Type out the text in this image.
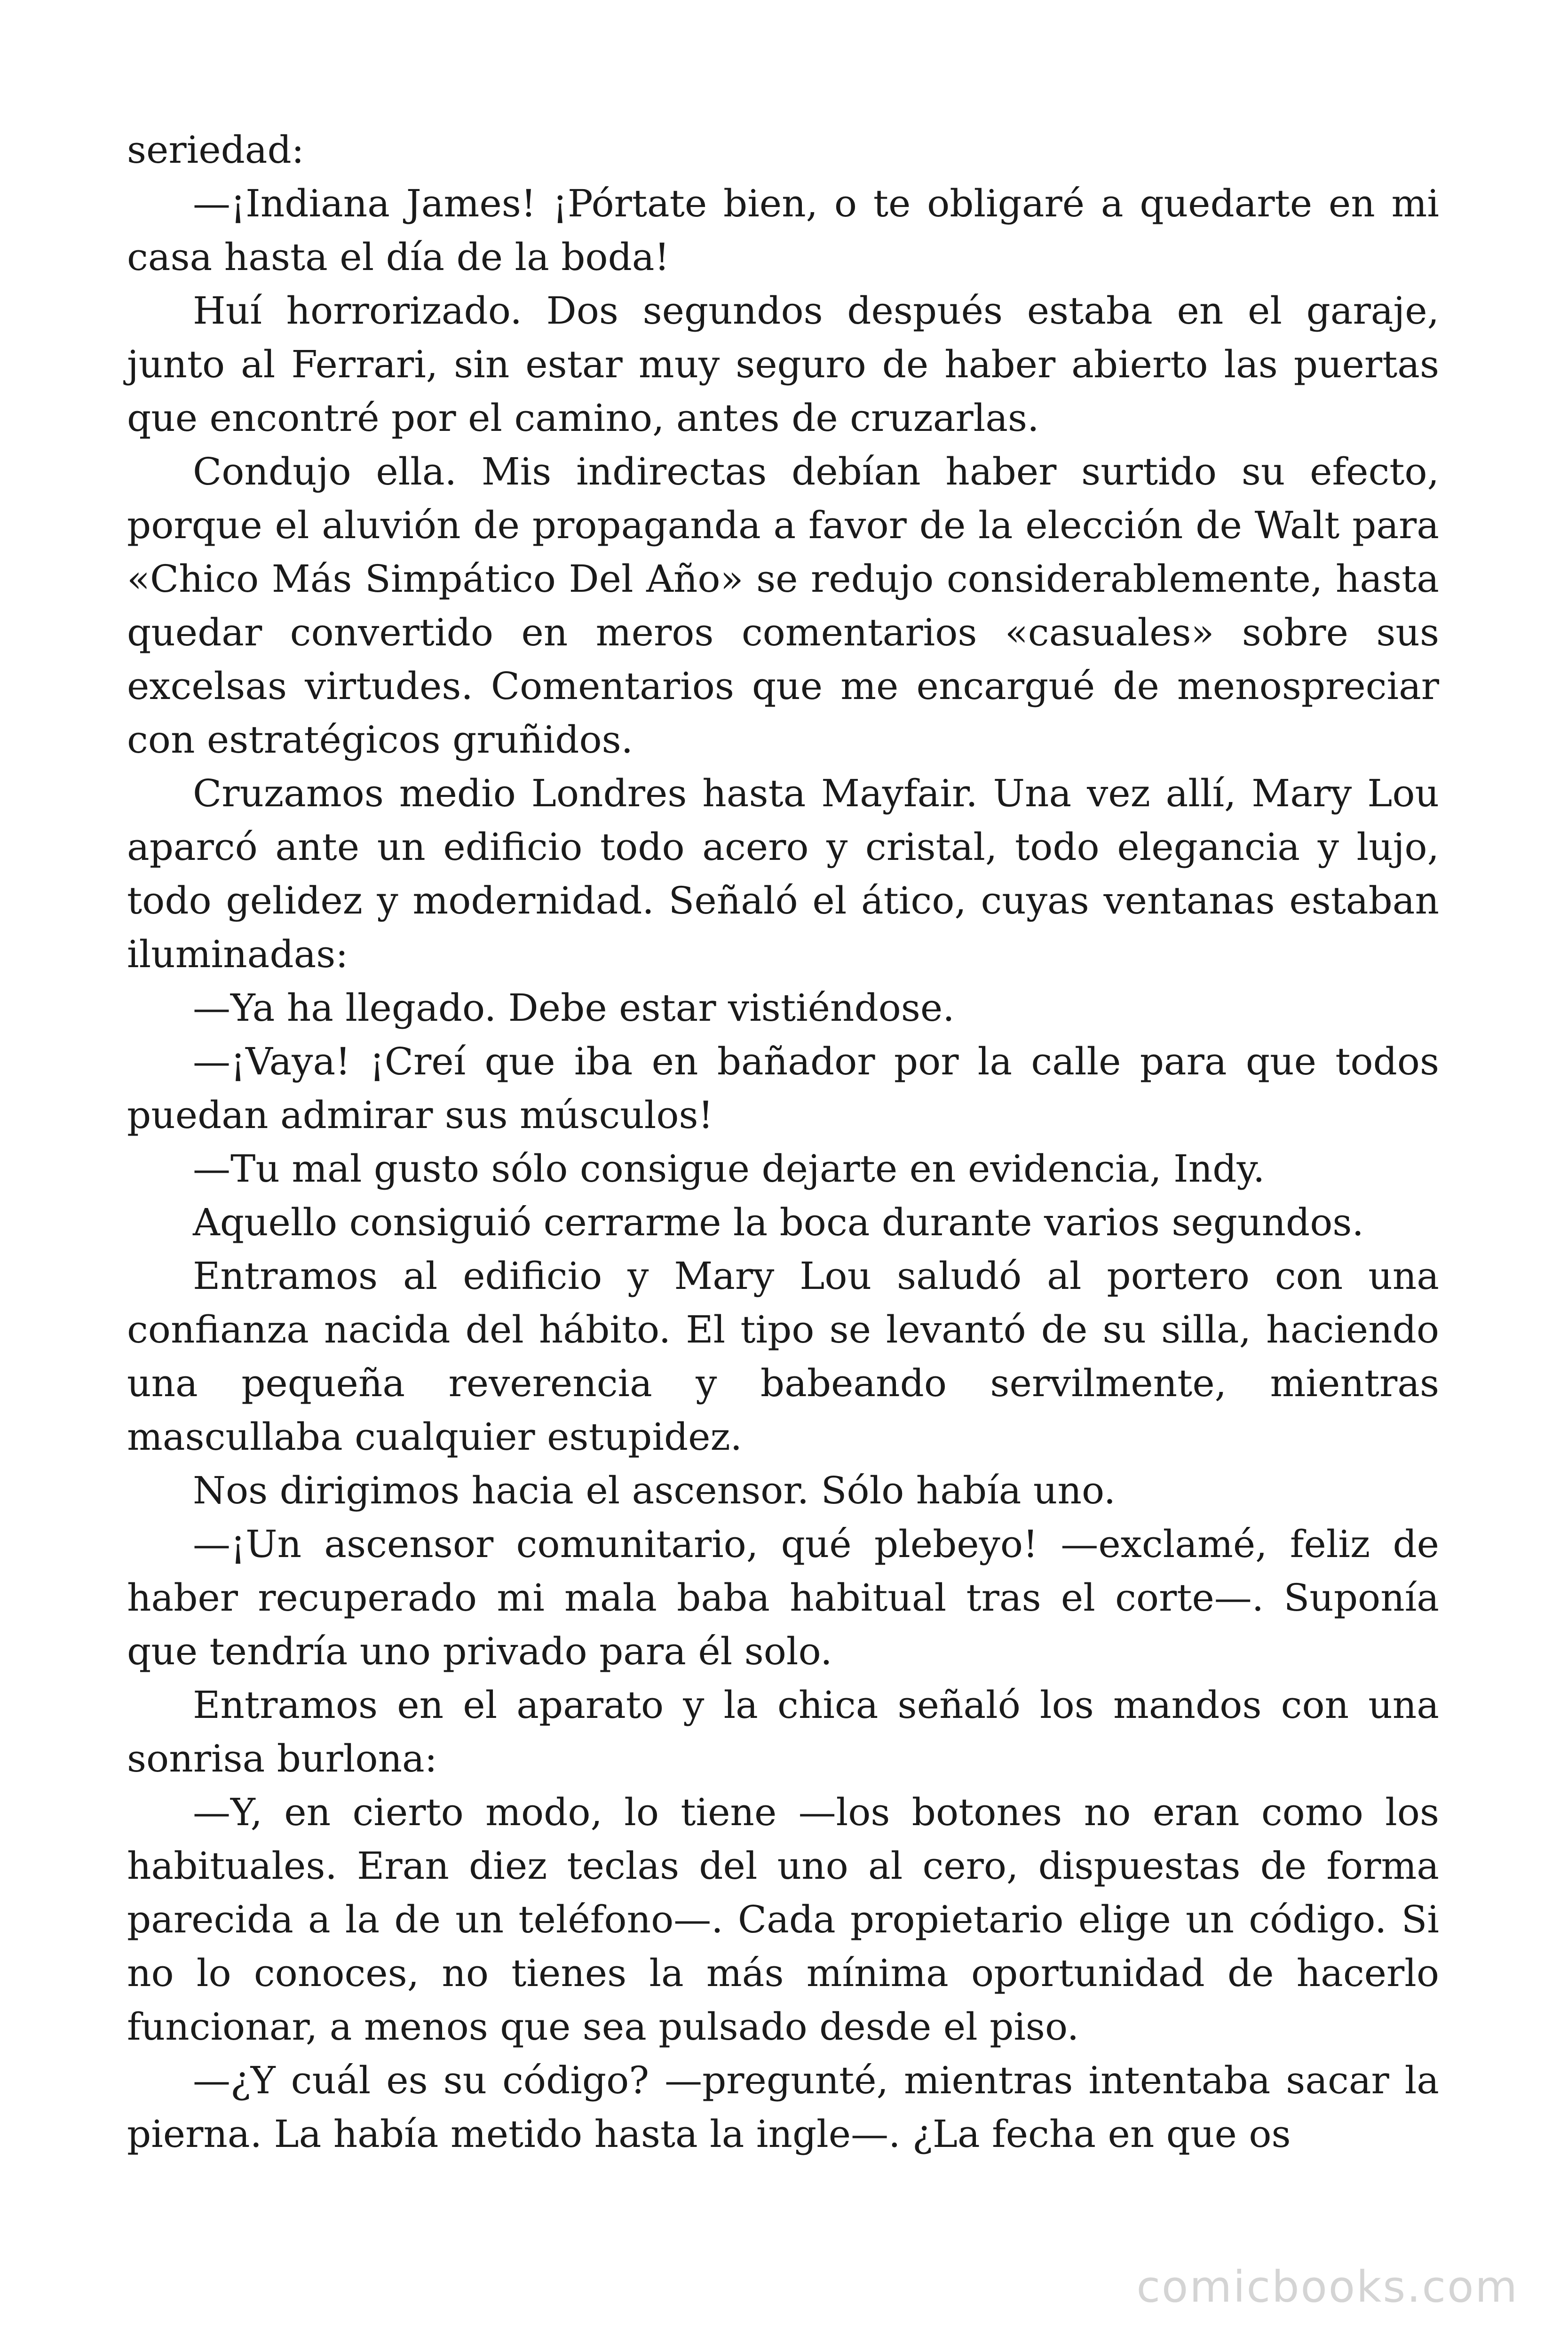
seriedad:

—¡Indiana James! ¡Pórtate bien, o te obligaré a quedarte en mi casa hasta el día de la boda!

Huí horrorizado. Dos segundos después estaba en el garaje, junto al Ferrari, sin estar muy seguro de haber abierto las puertas que encontré por el camino, antes de cruzarlas.

Condujo ella. Mis indirectas debían haber surtido su efecto, porque el aluvión de propaganda a favor de la elección de Walt para «Chico Más Simpático Del Año» se redujo considerablemente, hasta quedar convertido en meros comentarios «casuales» sobre sus excelsas virtudes. Comentarios que me encargué de menospreciar con estratégicos gruñidos.

Cruzamos medio Londres hasta Mayfair. Una vez allí, Mary Lou aparcó ante un edificio todo acero y cristal, todo elegancia y lujo, todo gelidez y modernidad. Señaló el ático, cuyas ventanas estaban iluminadas:

—Ya ha llegado. Debe estar vistiéndose.

—¡Vaya! ¡Creí que iba en bañador por la calle para que todos puedan admirar sus músculos!

—Tu mal gusto sólo consigue dejarte en evidencia, Indy.

Aquello consiguió cerrarme la boca durante varios segundos.

Entramos al edificio y Mary Lou saludó al portero con una confianza nacida del hábito. El tipo se levantó de su silla, haciendo una pequeña reverencia y babeando servilmente, mientras mascullaba cualquier estupidez.

Nos dirigimos hacia el ascensor. Sólo había uno.

—¡Un ascensor comunitario, qué plebeyo! —exclamé, feliz de haber recuperado mi mala baba habitual tras el corte—. Suponía que tendría uno privado para él solo.

Entramos en el aparato y la chica señaló los mandos con una sonrisa burlona:

—Y, en cierto modo, lo tiene —los botones no eran como los habituales. Eran diez teclas del uno al cero, dispuestas de forma parecida a la de un teléfono—. Cada propietario elige un código. Si no lo conoces, no tienes la más mínima oportunidad de hacerlo funcionar, a menos que sea pulsado desde el piso.

—¿Y cuál es su código? —pregunté, mientras intentaba sacar la pierna. La había metido hasta la ingle—. ¿La fecha en que os

comicbooks.com
